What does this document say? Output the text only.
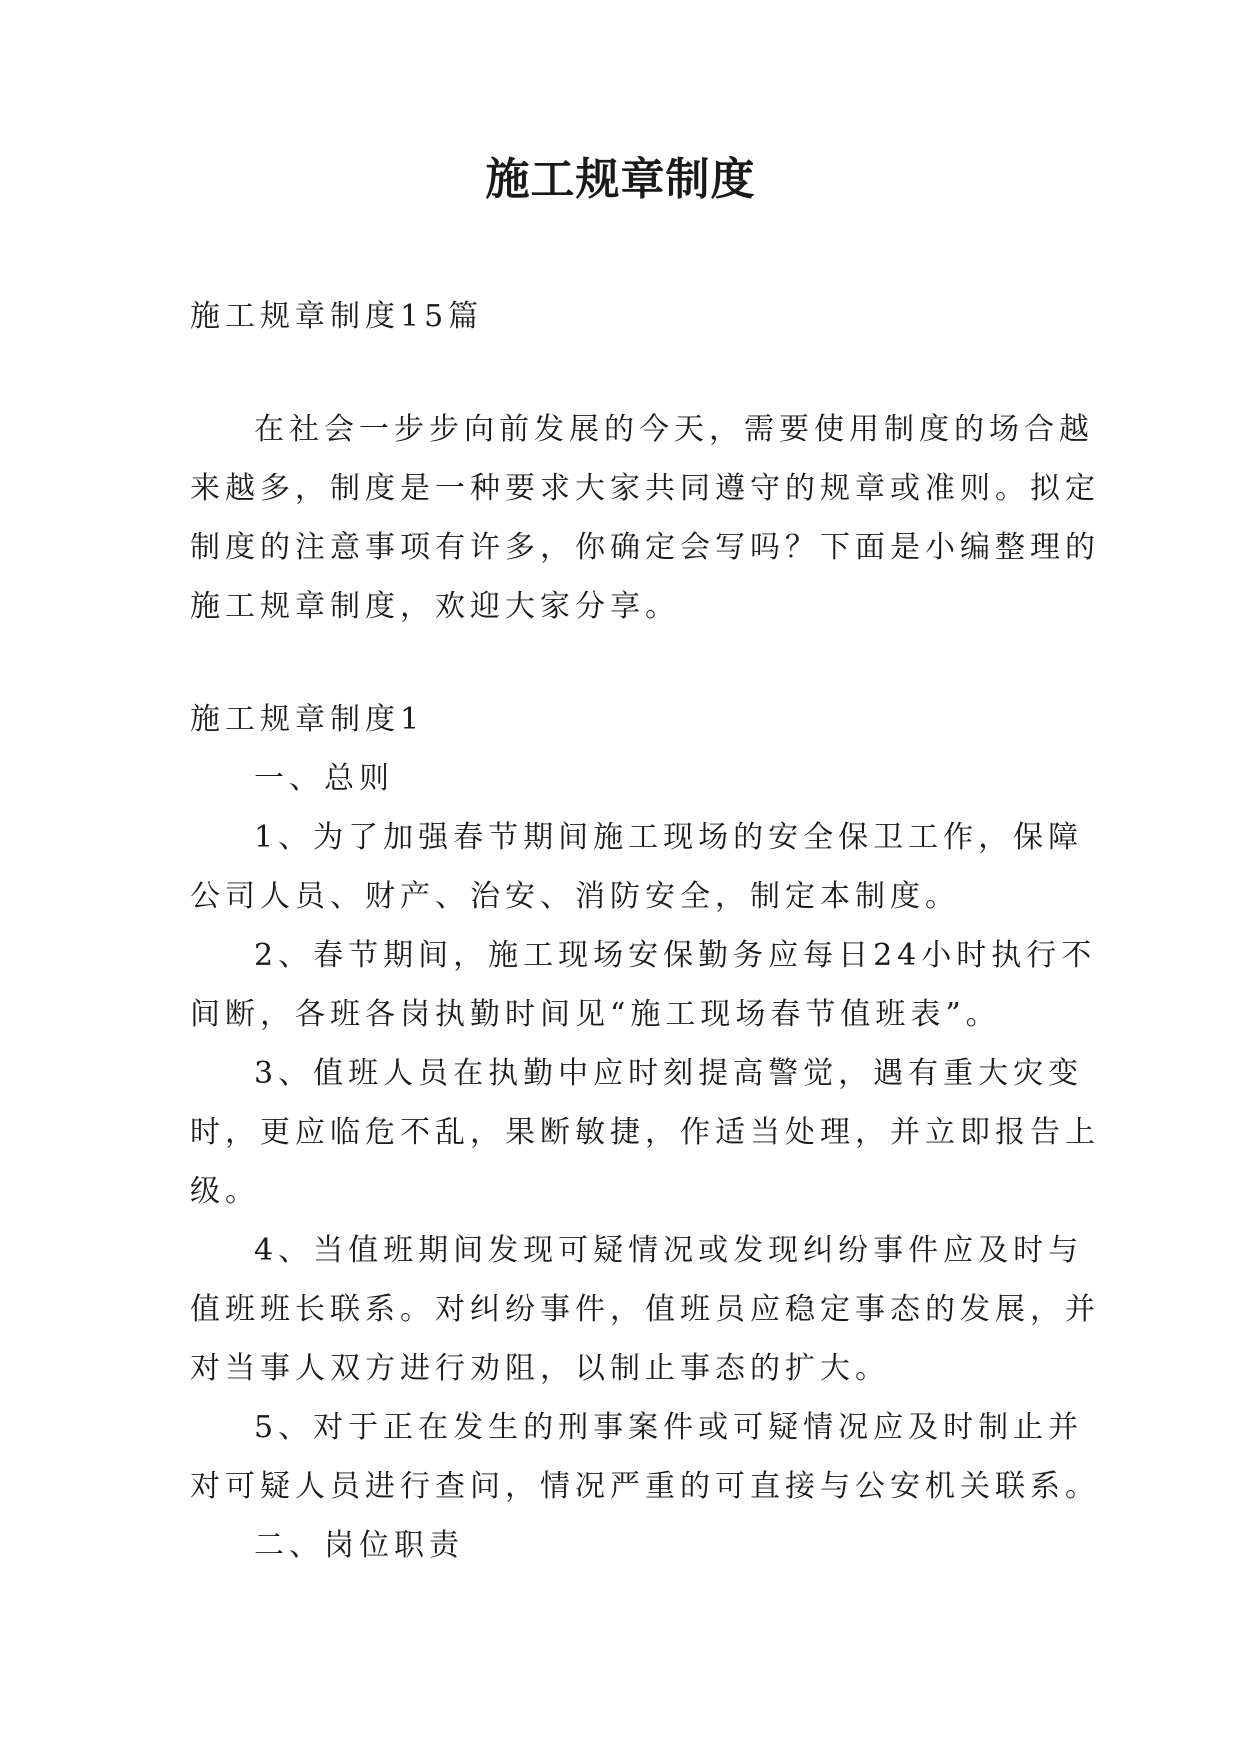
施工规章制度
施工规章制度15篇
在社会一步步向前发展的今天，需要使用制度的场合越
来越多，制度是一种要求大家共同遵守的规章或准则。拟定
制度的注意事项有许多，你确定会写吗？下面是小编整理的
施工规章制度，欢迎大家分享。
施工规章制度1
一、总则
1、为了加强春节期间施工现场的安全保卫工作，保障
公司人员、财产、治安、消防安全，制定本制度。
2、春节期间，施工现场安保勤务应每日24小时执行不
间断，各班各岗执勤时间见“施工现场春节值班表”。
3、值班人员在执勤中应时刻提高警觉，遇有重大灾变
时，更应临危不乱，果断敏捷，作适当处理，并立即报告上
级。
4、当值班期间发现可疑情况或发现纠纷事件应及时与
值班班长联系。对纠纷事件，值班员应稳定事态的发展，并
对当事人双方进行劝阻，以制止事态的扩大。
5、对于正在发生的刑事案件或可疑情况应及时制止并
对可疑人员进行查问，情况严重的可直接与公安机关联系。
二、岗位职责
